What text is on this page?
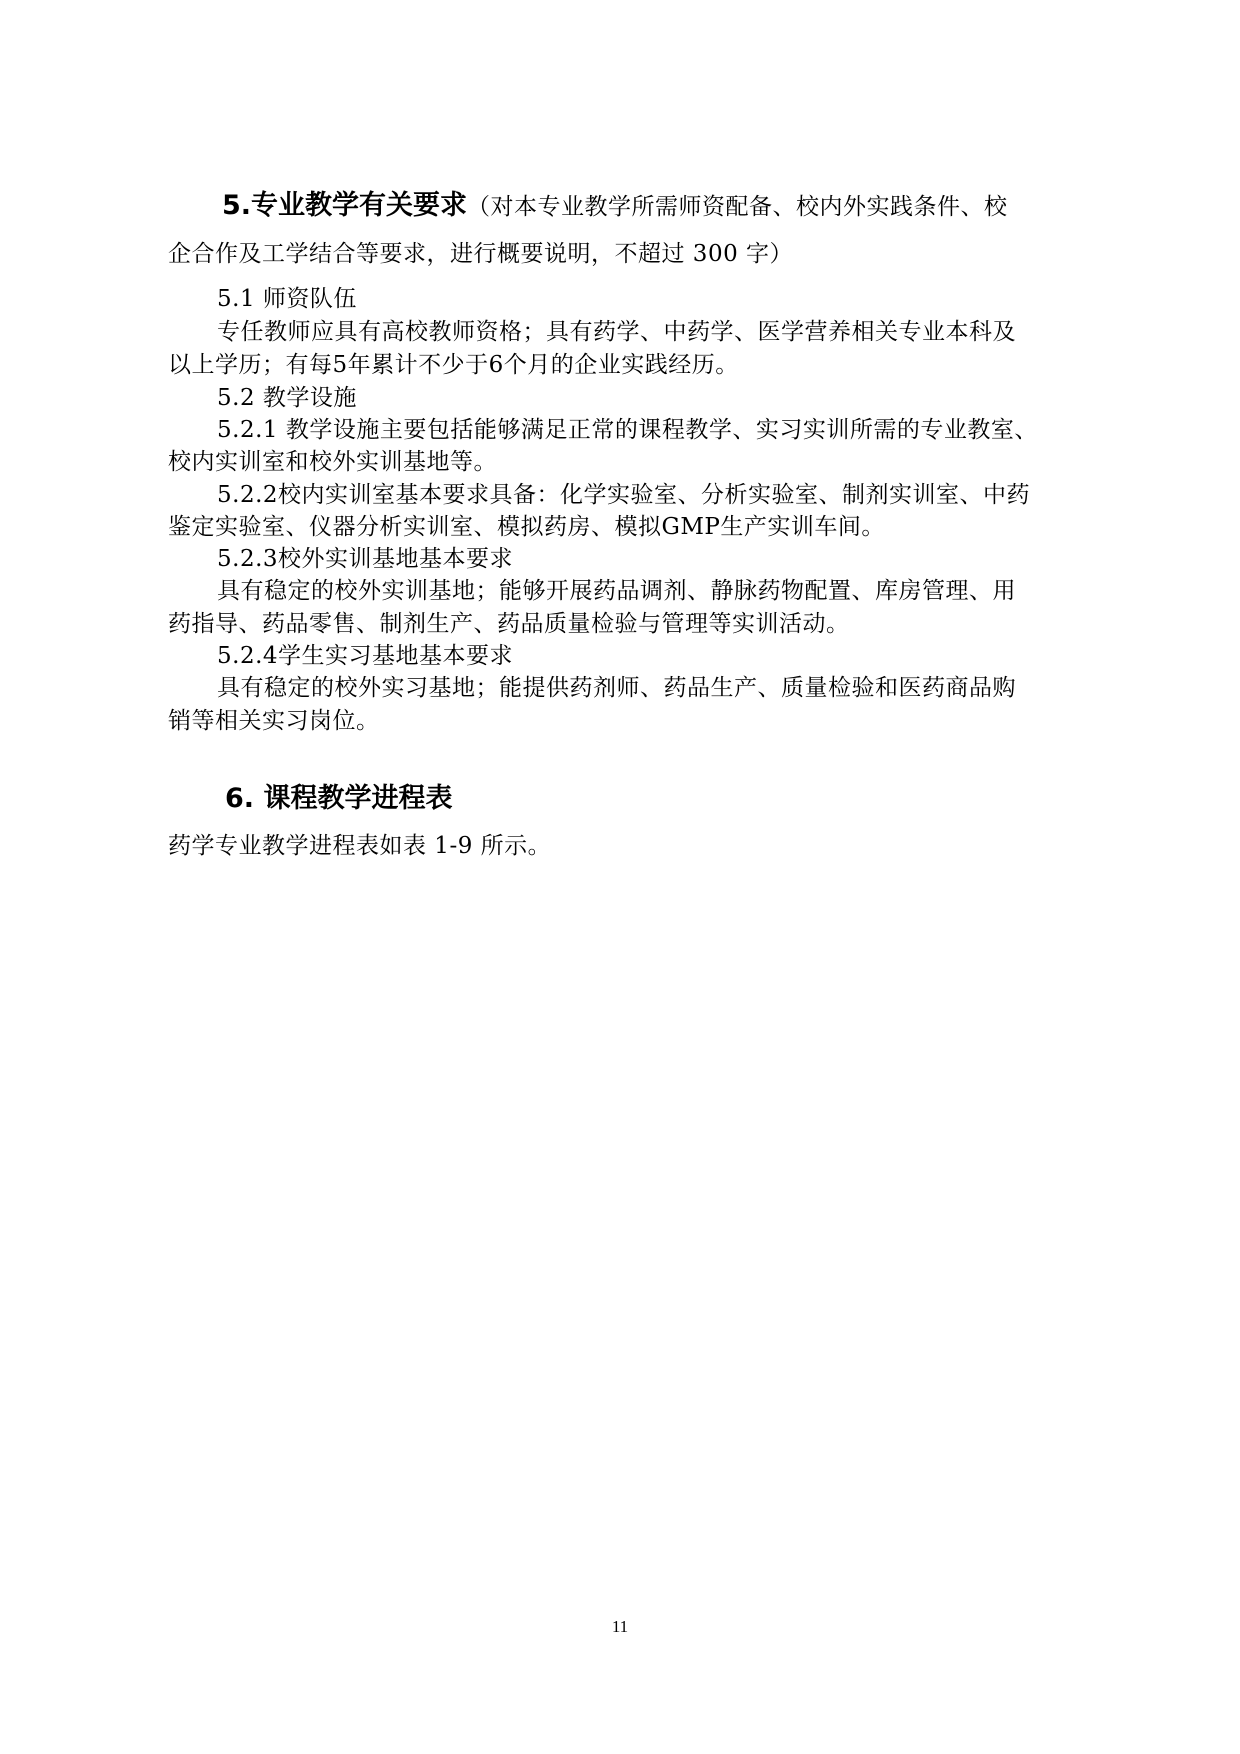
5.专业教学有关要求（对本专业教学所需师资配备、校内外实践条件、校
企合作及工学结合等要求，进行概要说明，不超过 300 字）
5.1 师资队伍
专任教师应具有高校教师资格；具有药学、中药学、医学营养相关专业本科及
以上学历；有每5年累计不少于6个月的企业实践经历。
5.2 教学设施
5.2.1 教学设施主要包括能够满足正常的课程教学、实习实训所需的专业教室、
校内实训室和校外实训基地等。
5.2.2校内实训室基本要求具备：化学实验室、分析实验室、制剂实训室、中药
鉴定实验室、仪器分析实训室、模拟药房、模拟GMP生产实训车间。
5.2.3校外实训基地基本要求
具有稳定的校外实训基地；能够开展药品调剂、静脉药物配置、库房管理、用
药指导、药品零售、制剂生产、药品质量检验与管理等实训活动。
5.2.4学生实习基地基本要求
具有稳定的校外实习基地；能提供药剂师、药品生产、质量检验和医药商品购
销等相关实习岗位。
6. 课程教学进程表
药学专业教学进程表如表 1-9 所示。
11
